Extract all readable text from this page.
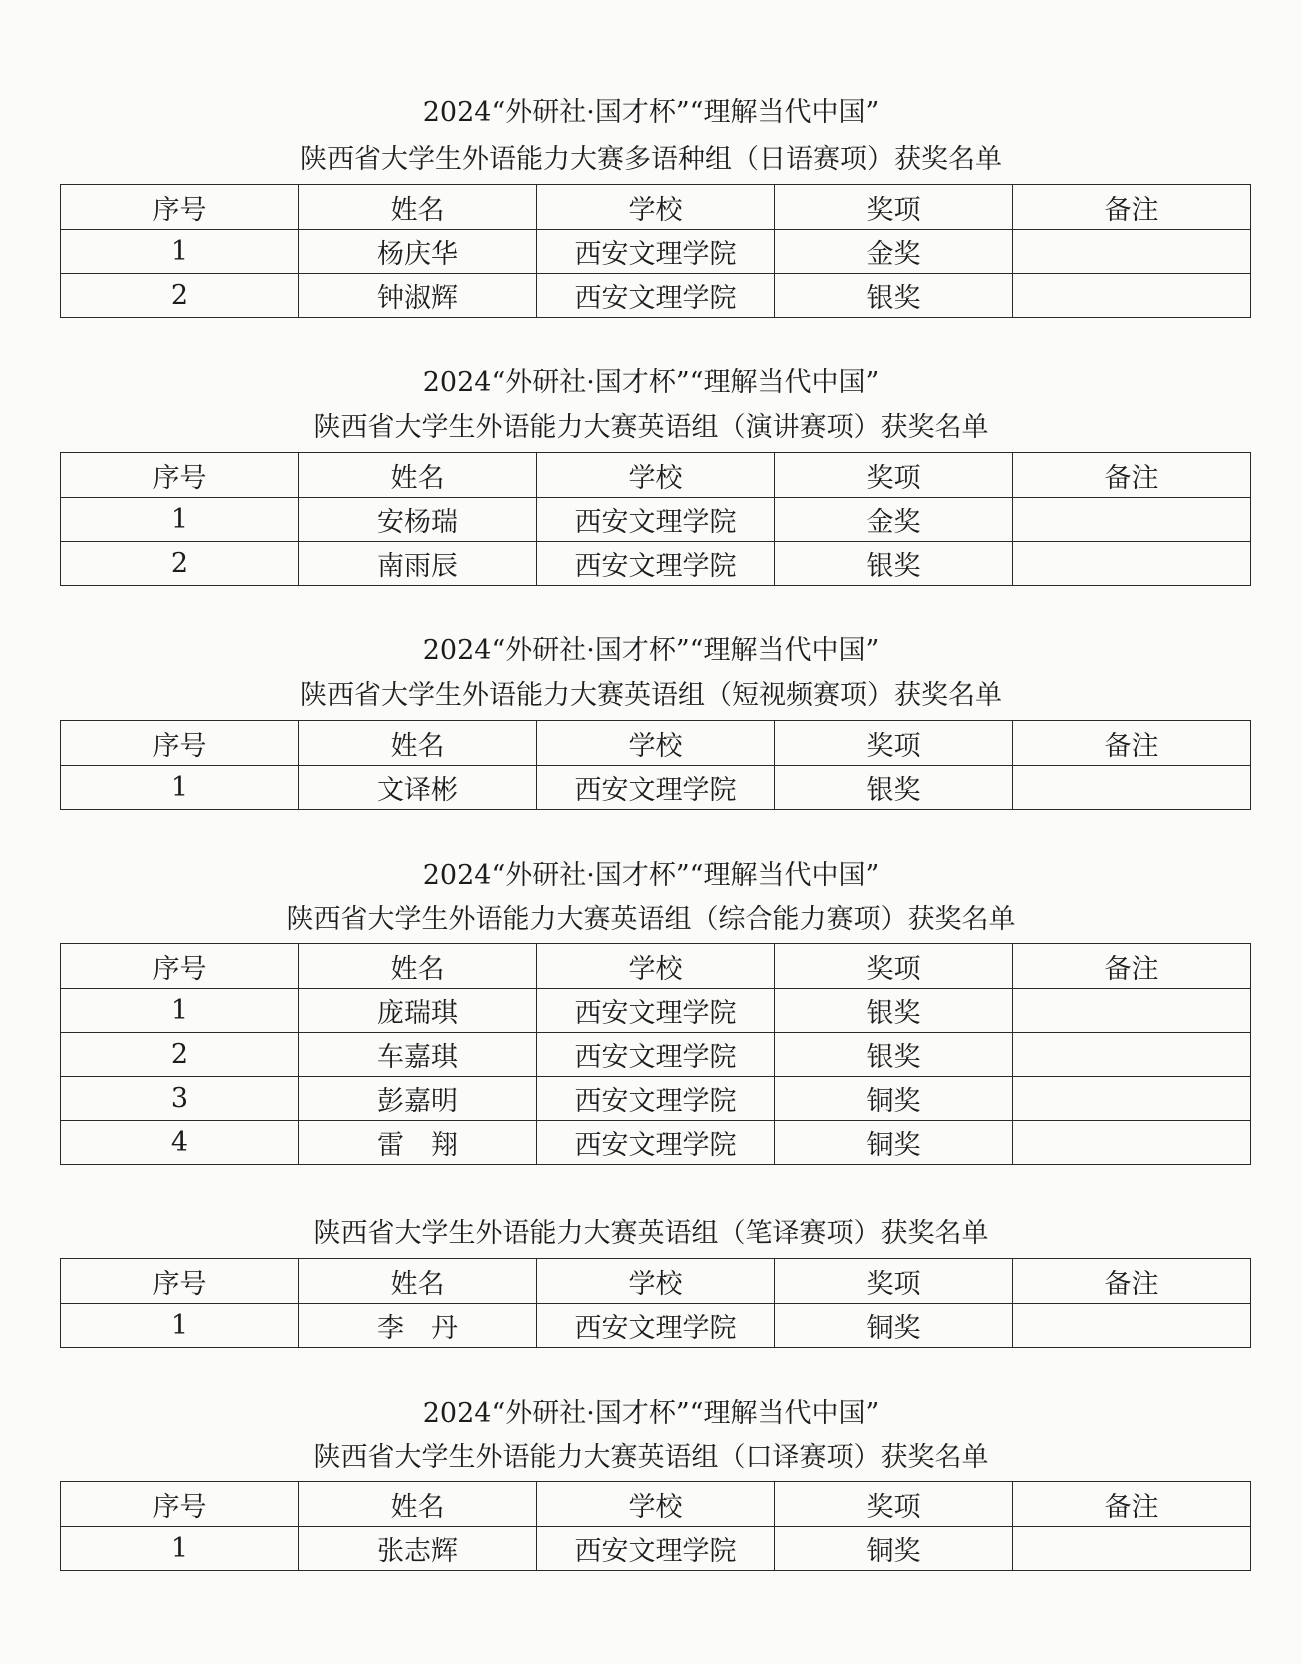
2024“外研社·国才杯”“理解当代中国”
陕西省大学生外语能力大赛多语种组（日语赛项）获奖名单
序号	姓名	学校	奖项	备注
1	杨庆华	西安文理学院	金奖	
2	钟淑辉	西安文理学院	银奖	
2024“外研社·国才杯”“理解当代中国”
陕西省大学生外语能力大赛英语组（演讲赛项）获奖名单
序号	姓名	学校	奖项	备注
1	安杨瑞	西安文理学院	金奖	
2	南雨辰	西安文理学院	银奖	
2024“外研社·国才杯”“理解当代中国”
陕西省大学生外语能力大赛英语组（短视频赛项）获奖名单
序号	姓名	学校	奖项	备注
1	文译彬	西安文理学院	银奖	
2024“外研社·国才杯”“理解当代中国”
陕西省大学生外语能力大赛英语组（综合能力赛项）获奖名单
序号	姓名	学校	奖项	备注
1	庞瑞琪	西安文理学院	银奖	
2	车嘉琪	西安文理学院	银奖	
3	彭嘉明	西安文理学院	铜奖	
4	雷　翔	西安文理学院	铜奖	
陕西省大学生外语能力大赛英语组（笔译赛项）获奖名单
序号	姓名	学校	奖项	备注
1	李　丹	西安文理学院	铜奖	
2024“外研社·国才杯”“理解当代中国”
陕西省大学生外语能力大赛英语组（口译赛项）获奖名单
序号	姓名	学校	奖项	备注
1	张志辉	西安文理学院	铜奖	
